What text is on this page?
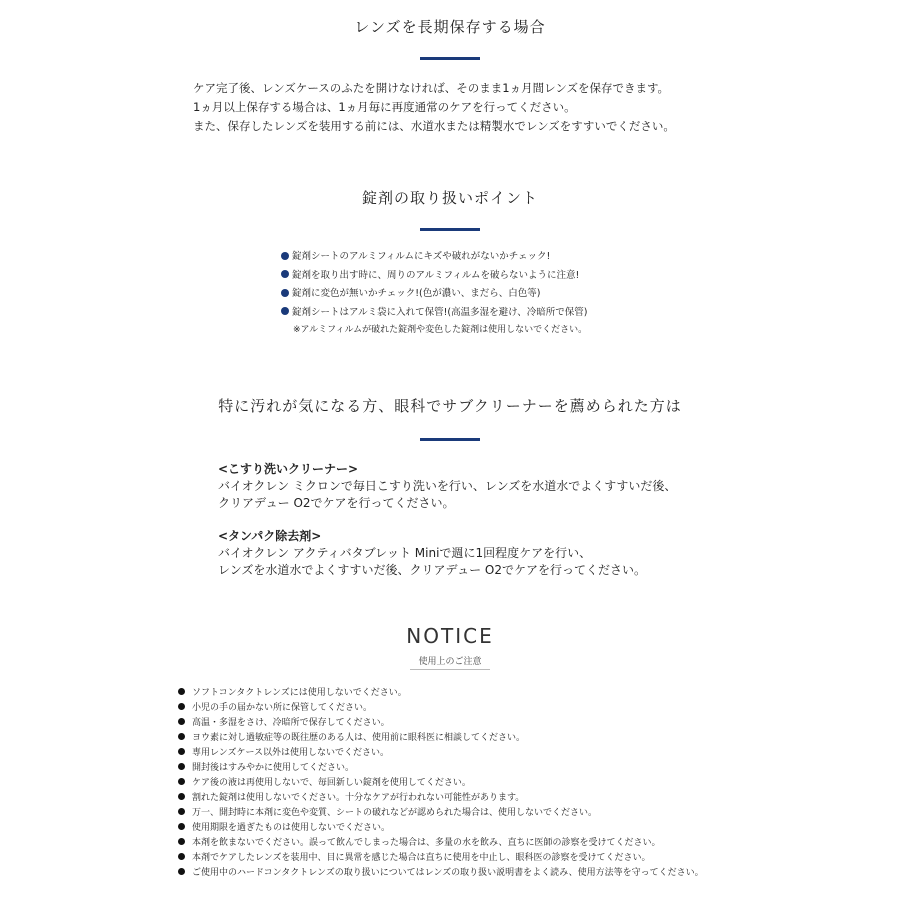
レンズを長期保存する場合

ケア完了後、レンズケースのふたを開けなければ、そのまま1ヵ月間レンズを保存できます。

1ヵ月以上保存する場合は、1ヵ月毎に再度通常のケアを行ってください。

また、保存したレンズを装用する前には、水道水または精製水でレンズをすすいでください。

錠剤の取り扱いポイント
錠剤シートのアルミフィルムにキズや破れがないかチェック!
錠剤を取り出す時に、周りのアルミフィルムを破らないように注意!
錠剤に変色が無いかチェック!(色が濃い、まだら、白色等)
錠剤シートはアルミ袋に入れて保管!(高温多湿を避け、冷暗所で保管)
※アルミフィルムが破れた錠剤や変色した錠剤は使用しないでください。
特に汚れが気になる方、眼科でサブクリーナーを薦められた方は
<こすり洗いクリーナー>
バイオクレン ミクロンで毎日こすり洗いを行い、レンズを水道水でよくすすいだ後、
クリアデュー O2でケアを行ってください。
<タンパク除去剤>
バイオクレン アクティバタブレット Miniで週に1回程度ケアを行い、
レンズを水道水でよくすすいだ後、クリアデュー O2でケアを行ってください。
NOTICE
使用上のご注意
ソフトコンタクトレンズには使用しないでください。
小児の手の届かない所に保管してください。
高温・多湿をさけ、冷暗所で保存してください。
ヨウ素に対し過敏症等の既往歴のある人は、使用前に眼科医に相談してください。
専用レンズケース以外は使用しないでください。
開封後はすみやかに使用してください。
ケア後の液は再使用しないで、毎回新しい錠剤を使用してください。
割れた錠剤は使用しないでください。十分なケアが行われない可能性があります。
万一、開封時に本剤に変色や変質、シートの破れなどが認められた場合は、使用しないでください。
使用期限を過ぎたものは使用しないでください。
本剤を飲まないでください。誤って飲んでしまった場合は、多量の水を飲み、直ちに医師の診察を受けてください。
本剤でケアしたレンズを装用中、目に異常を感じた場合は直ちに使用を中止し、眼科医の診察を受けてください。
ご使用中のハードコンタクトレンズの取り扱いについてはレンズの取り扱い説明書をよく読み、使用方法等を守ってください。
